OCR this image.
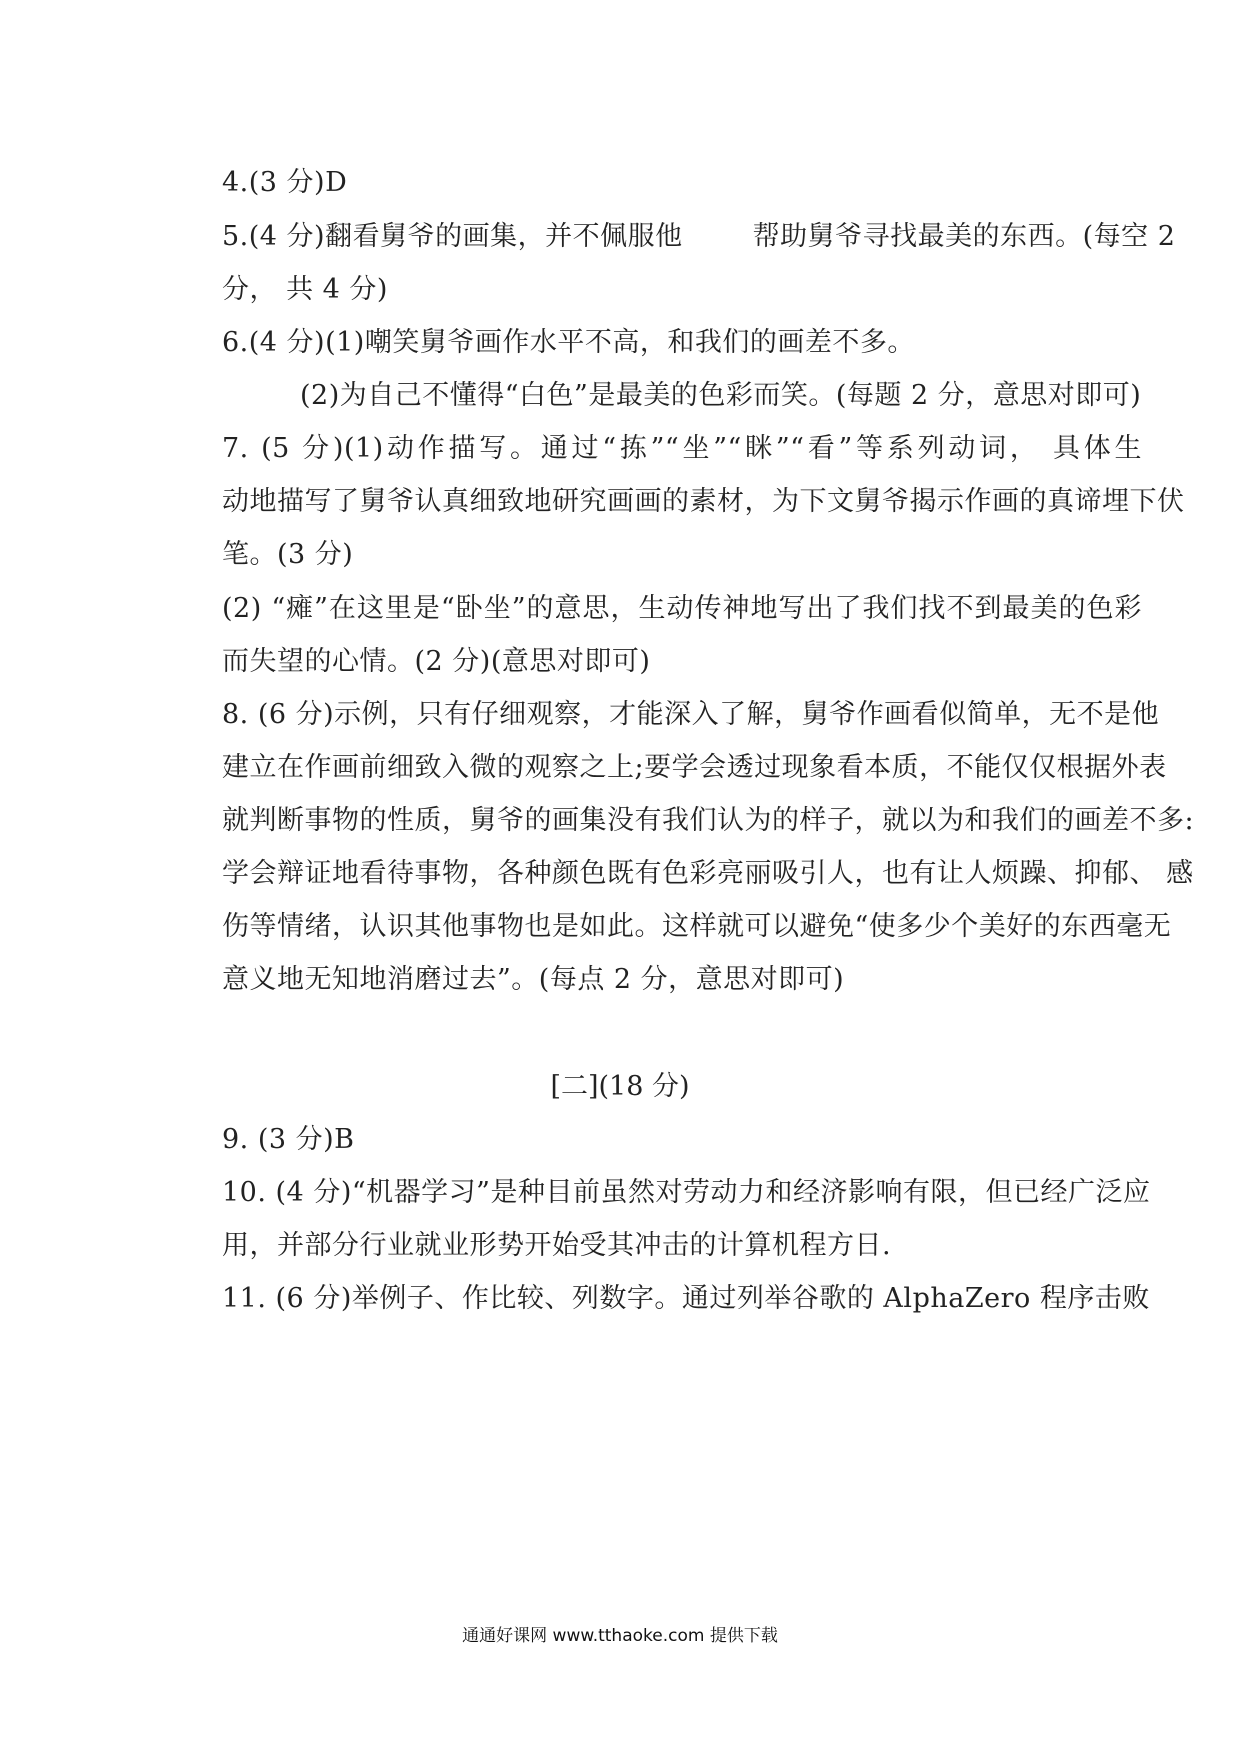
4.(3 分)D
5.(4 分)翻看舅爷的画集，并不佩服他	帮助舅爷寻找最美的东西。(每空 2
分， 共 4 分)
6.(4 分)(1)嘲笑舅爷画作水平不高，和我们的画差不多。
(2)为自己不懂得“白色”是最美的色彩而笑。(每题 2 分，意思对即可)
7. (5 分)(1)动作描写。通过“拣”“坐”“眯”“看”等系列动词， 具体生
动地描写了舅爷认真细致地研究画画的素材，为下文舅爷揭示作画的真谛埋下伏
笔。(3 分)
(2) “瘫”在这里是“卧坐”的意思，生动传神地写出了我们找不到最美的色彩
而失望的心情。(2 分)(意思对即可)
8. (6 分)示例，只有仔细观察，才能深入了解，舅爷作画看似简单，无不是他
建立在作画前细致入微的观察之上;要学会透过现象看本质，不能仅仅根据外表
就判断事物的性质，舅爷的画集没有我们认为的样子，就以为和我们的画差不多:
学会辩证地看待事物，各种颜色既有色彩亮丽吸引人，也有让人烦躁、抑郁、 感
伤等情绪，认识其他事物也是如此。这样就可以避免“使多少个美好的东西毫无
意义地无知地消磨过去”。(每点 2 分，意思对即可)
[二](18 分)
9. (3 分)B
10. (4 分)“机器学习”是种目前虽然对劳动力和经济影响有限，但已经广泛应
用，并部分行业就业形势开始受其冲击的计算机程方日.
11. (6 分)举例子、作比较、列数字。通过列举谷歌的 AlphaZero 程序击败
通通好课网 www.tthaoke.com 提供下载
